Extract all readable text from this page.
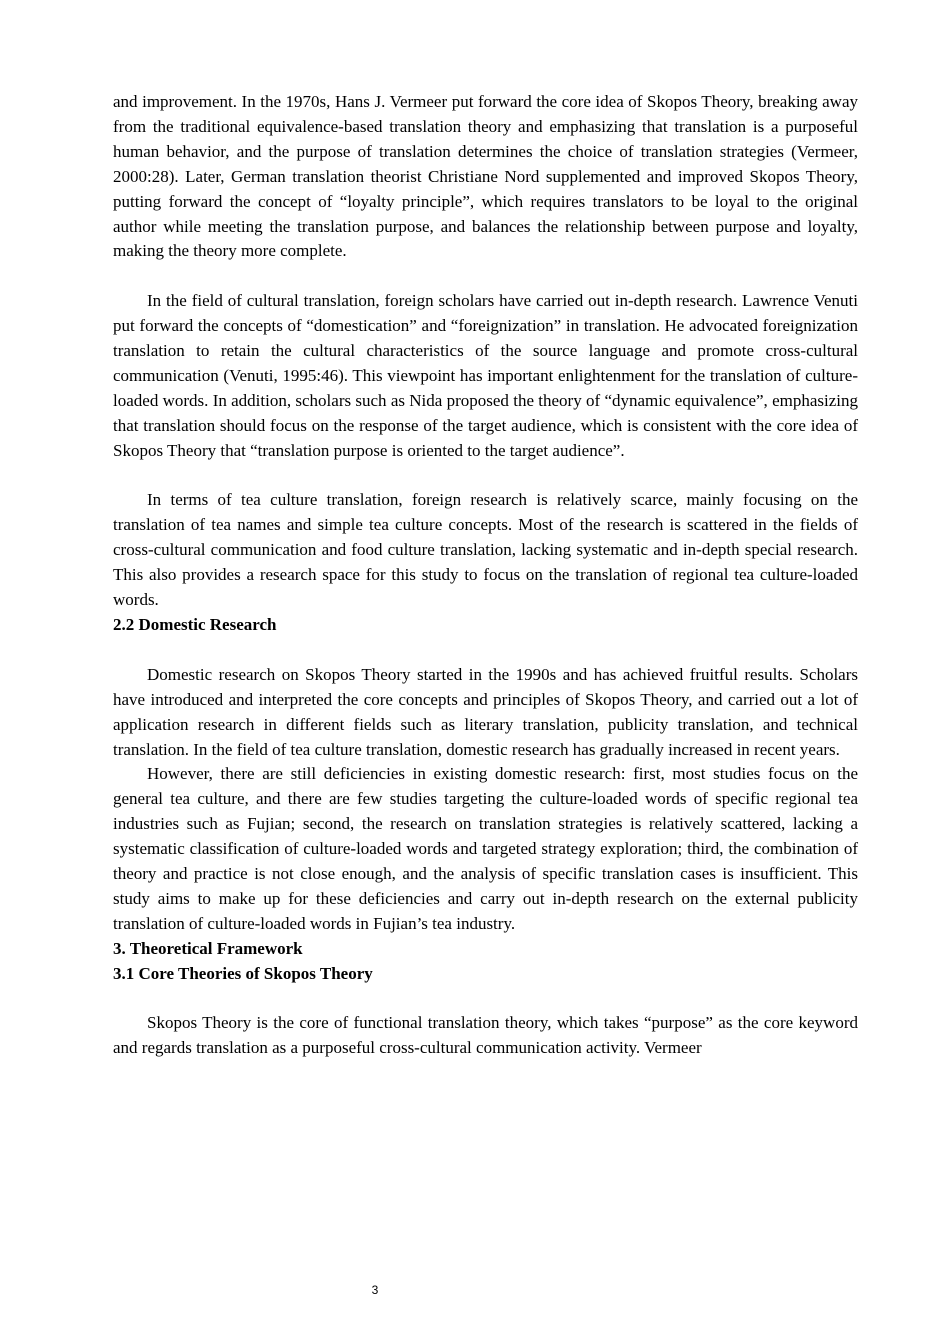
and improvement. In the 1970s, Hans J. Vermeer put forward the core idea of Skopos Theory, breaking away from the traditional equivalence-based translation theory and emphasizing that translation is a purposeful human behavior, and the purpose of translation determines the choice of translation strategies (Vermeer, 2000:28). Later, German translation theorist Christiane Nord supplemented and improved Skopos Theory, putting forward the concept of “loyalty principle”, which requires translators to be loyal to the original author while meeting the translation purpose, and balances the relationship between purpose and loyalty, making the theory more complete.

In the field of cultural translation, foreign scholars have carried out in-depth research. Lawrence Venuti put forward the concepts of “domestication” and “foreignization” in translation. He advocated foreignization translation to retain the cultural characteristics of the source language and promote cross-cultural communication (Venuti, 1995:46). This viewpoint has important enlightenment for the translation of culture-loaded words. In addition, scholars such as Nida proposed the theory of “dynamic equivalence”, emphasizing that translation should focus on the response of the target audience, which is consistent with the core idea of Skopos Theory that “translation purpose is oriented to the target audience”.

In terms of tea culture translation, foreign research is relatively scarce, mainly focusing on the translation of tea names and simple tea culture concepts. Most of the research is scattered in the fields of cross-cultural communication and food culture translation, lacking systematic and in-depth special research. This also provides a research space for this study to focus on the translation of regional tea culture-loaded words.

2.2 Domestic Research

Domestic research on Skopos Theory started in the 1990s and has achieved fruitful results. Scholars have introduced and interpreted the core concepts and principles of Skopos Theory, and carried out a lot of application research in different fields such as literary translation, publicity translation, and technical translation. In the field of tea culture translation, domestic research has gradually increased in recent years.

However, there are still deficiencies in existing domestic research: first, most studies focus on the general tea culture, and there are few studies targeting the culture-loaded words of specific regional tea industries such as Fujian; second, the research on translation strategies is relatively scattered, lacking a systematic classification of culture-loaded words and targeted strategy exploration; third, the combination of theory and practice is not close enough, and the analysis of specific translation cases is insufficient. This study aims to make up for these deficiencies and carry out in-depth research on the external publicity translation of culture-loaded words in Fujian’s tea industry.

3. Theoretical Framework

3.1 Core Theories of Skopos Theory

Skopos Theory is the core of functional translation theory, which takes “purpose” as the core keyword and regards translation as a purposeful cross-cultural communication activity. Vermeer

3
